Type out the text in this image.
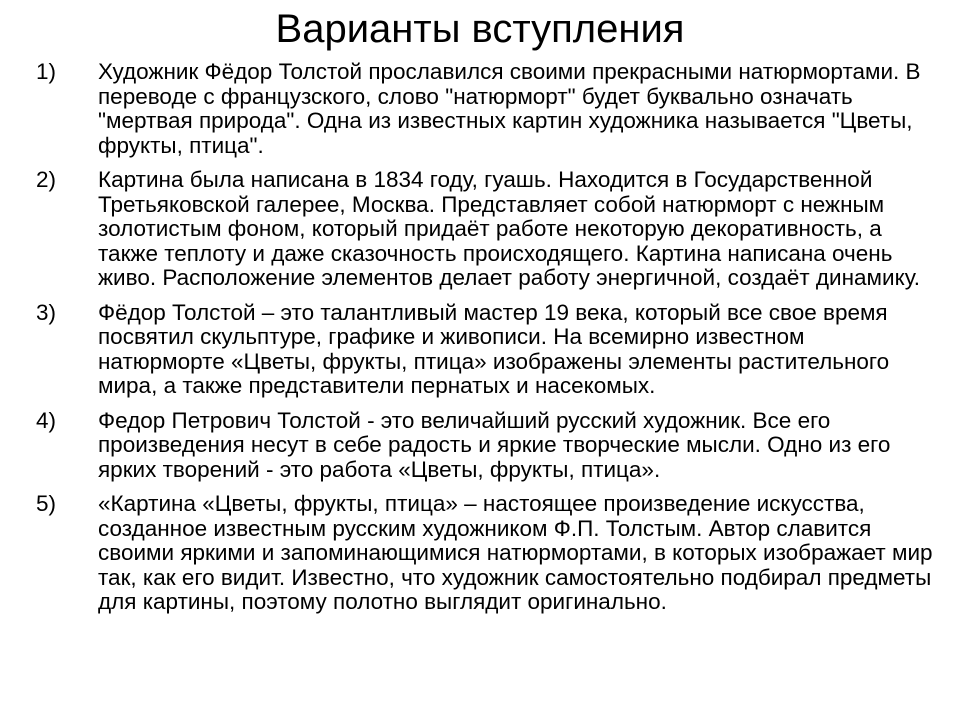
Варианты вступления
1)	Художник Фёдор Толстой прославился своими прекрасными натюрмортами. В переводе с французского, слово "натюрморт" будет буквально означать "мертвая природа". Одна из известных картин художника называется "Цветы, фрукты, птица".
2)	Картина была написана в 1834 году, гуашь. Находится в Государственной Третьяковской галерее, Москва. Представляет собой натюрморт с нежным золотистым фоном, который придаёт работе некоторую декоративность, а также теплоту и даже сказочность происходящего. Картина написана очень живо. Расположение элементов делает работу энергичной, создаёт динамику.
3)	Фёдор Толстой – это талантливый мастер 19 века, который все свое время посвятил скульптуре, графике и живописи. На всемирно известном натюрморте «Цветы, фрукты, птица» изображены элементы растительного мира, а также представители пернатых и насекомых.
4)	Федор Петрович Толстой - это величайший русский художник. Все его произведения несут в себе радость и яркие творческие мысли. Одно из его ярких творений - это работа «Цветы, фрукты, птица».
5)	«Картина «Цветы, фрукты, птица» – настоящее произведение искусства, созданное известным русским художником Ф.П. Толстым. Автор славится своими яркими и запоминающимися натюрмортами, в которых изображает мир так, как его видит. Известно, что художник самостоятельно подбирал предметы для картины, поэтому полотно выглядит оригинально.
